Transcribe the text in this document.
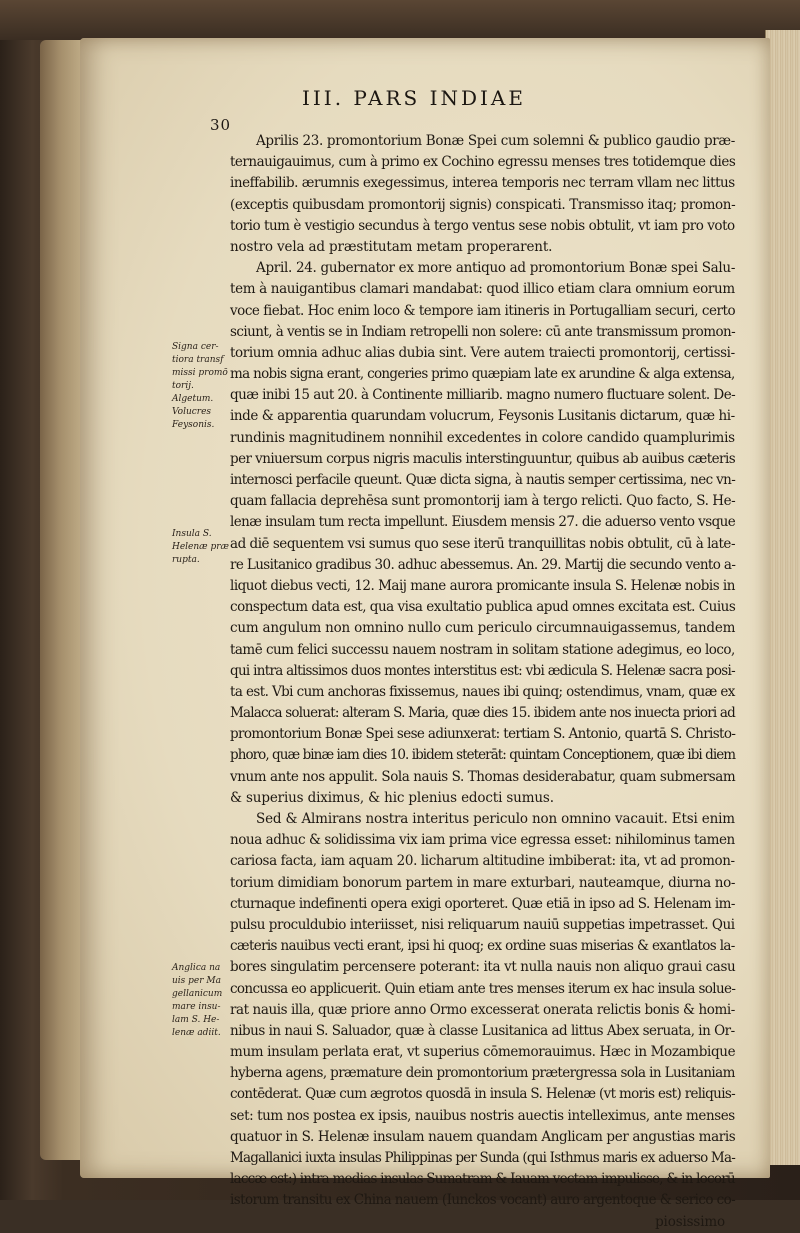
30
III. PARS INDIAE
Signa cer-
tiora transf
missi promō
torij.
Algetum.
Volucres
Feysonis.
Insula S.
Helenæ præ
rupta.
Anglica na
uis per Ma
gellanicum
mare insu-
lam S. He-
lenæ adiit.
Aprilis 23. promontorium Bonæ Spei cum solemni & publico gaudio præ-
ternauigauimus, cum à primo ex Cochino egressu menses tres totidemque dies
ineffabilib. ærumnis exegessimus, interea temporis nec terram vllam nec littus
(exceptis quibusdam promontorij signis) conspicati. Transmisso itaq; promon-
torio tum è vestigio secundus à tergo ventus sese nobis obtulit, vt iam pro voto
nostro vela ad præstitutam metam properarent.
April. 24. gubernator ex more antiquo ad promontorium Bonæ spei Salu-
tem à nauigantibus clamari mandabat: quod illico etiam clara omnium eorum
voce fiebat. Hoc enim loco & tempore iam itineris in Portugalliam securi, certo
sciunt, à ventis se in Indiam retropelli non solere: cū ante transmissum promon-
torium omnia adhuc alias dubia sint. Vere autem traiecti promontorij, certissi-
ma nobis signa erant, congeries primo quæpiam late ex arundine & alga extensa,
quæ inibi 15 aut 20. à Continente milliarib. magno numero fluctuare solent. De-
inde & apparentia quarundam volucrum, Feysonis Lusitanis dictarum, quæ hi-
rundinis magnitudinem nonnihil excedentes in colore candido quamplurimis
per vniuersum corpus nigris maculis interstinguuntur, quibus ab auibus cæteris
internosci perfacile queunt. Quæ dicta signa, à nautis semper certissima, nec vn-
quam fallacia deprehēsa sunt promontorij iam à tergo relicti. Quo facto, S. He-
lenæ insulam tum recta impellunt. Eiusdem mensis 27. die aduerso vento vsque
ad diē sequentem vsi sumus quo sese iterū tranquillitas nobis obtulit, cū à late-
re Lusitanico gradibus 30. adhuc abessemus. An. 29. Martij die secundo vento a-
liquot diebus vecti, 12. Maij mane aurora promicante insula S. Helenæ nobis in
conspectum data est, qua visa exultatio publica apud omnes excitata est. Cuius
cum angulum non omnino nullo cum periculo circumnauigassemus, tandem
tamē cum felici successu nauem nostram in solitam statione adegimus, eo loco,
qui intra altissimos duos montes interstitus est: vbi ædicula S. Helenæ sacra posi-
ta est. Vbi cum anchoras fixissemus, naues ibi quinq; ostendimus, vnam, quæ ex
Malacca soluerat: alteram S. Maria, quæ dies 15. ibidem ante nos inuecta priori ad
promontorium Bonæ Spei sese adiunxerat: tertiam S. Antonio, quartā S. Christo-
phoro, quæ binæ iam dies 10. ibidem steterāt: quintam Conceptionem, quæ ibi diem
vnum ante nos appulit. Sola nauis S. Thomas desiderabatur, quam submersam
& superius diximus, & hic plenius edocti sumus.
Sed & Almirans nostra interitus periculo non omnino vacauit. Etsi enim
noua adhuc & solidissima vix iam prima vice egressa esset: nihilominus tamen
cariosa facta, iam aquam 20. licharum altitudine imbiberat: ita, vt ad promon-
torium dimidiam bonorum partem in mare exturbari, nauteamque, diurna no-
cturnaque indefinenti opera exigi oporteret. Quæ etiā in ipso ad S. Helenam im-
pulsu proculdubio interiisset, nisi reliquarum nauiū suppetias impetrasset. Qui
cæteris nauibus vecti erant, ipsi hi quoq; ex ordine suas miserias & exantlatos la-
bores singulatim percensere poterant: ita vt nulla nauis non aliquo graui casu
concussa eo applicuerit. Quin etiam ante tres menses iterum ex hac insula solue-
rat nauis illa, quæ priore anno Ormo excesserat onerata relictis bonis & homi-
nibus in naui S. Saluador, quæ à classe Lusitanica ad littus Abex seruata, in Or-
mum insulam perlata erat, vt superius cōmemorauimus. Hæc in Mozambique
hyberna agens, præmature dein promontorium prætergressa sola in Lusitaniam
contēderat. Quæ cum ægrotos quosdā in insula S. Helenæ (vt moris est) reliquis-
set: tum nos postea ex ipsis, nauibus nostris auectis intelleximus, ante menses
quatuor in S. Helenæ insulam nauem quandam Anglicam per angustias maris
Magallanici iuxta insulas Philippinas per Sunda (qui Isthmus maris ex aduerso Ma-
laccæ est:) intra medias insulas Sumatram & Iauam vectam impulisse, & in locorū
istorum transitu ex China nauem (Iunckos vocant) auro argentoque & serico co-
piosissimo
